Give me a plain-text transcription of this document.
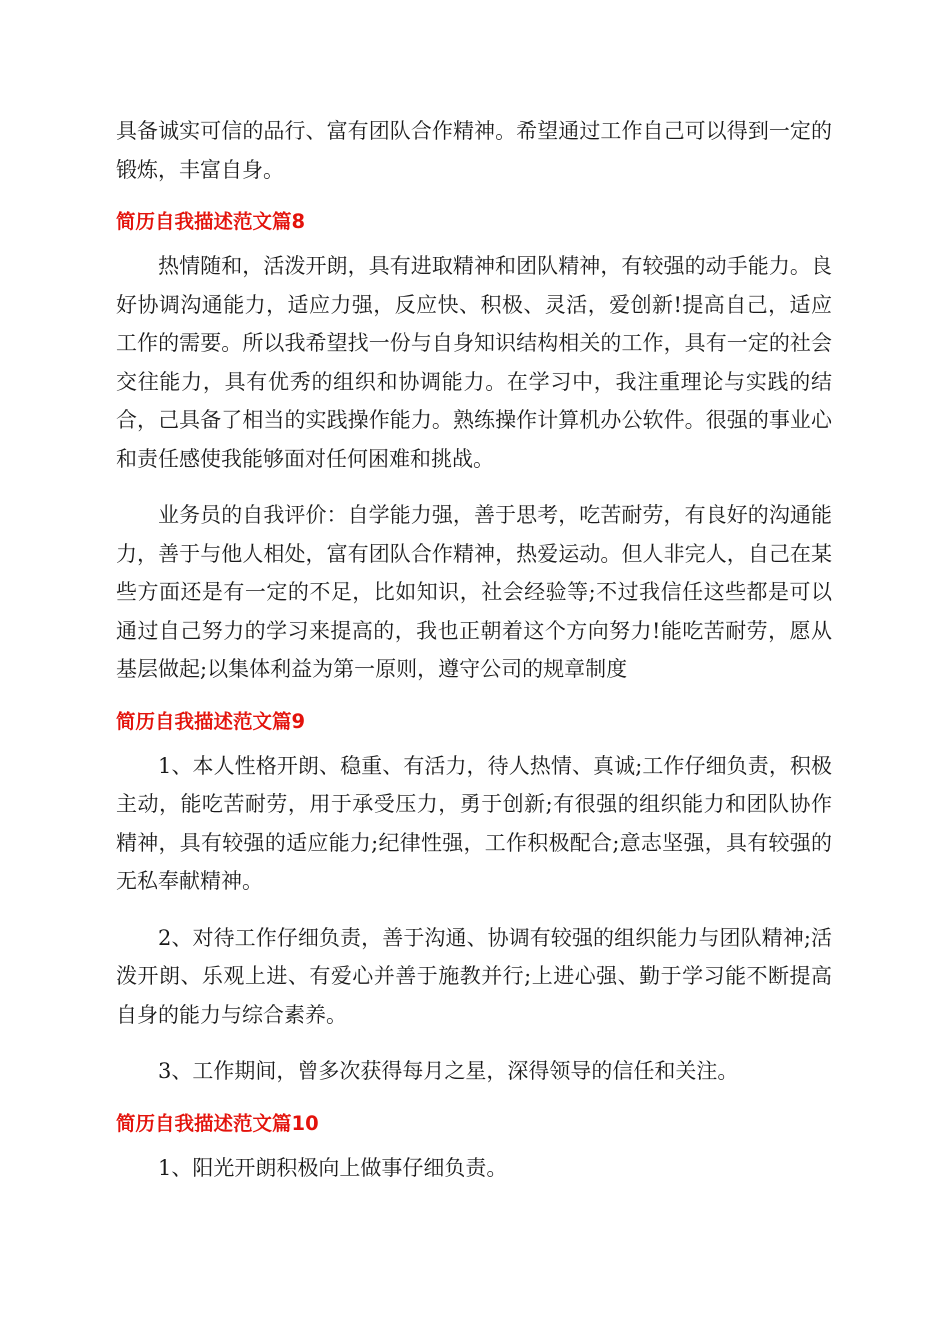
具备诚实可信的品行、富有团队合作精神。希望通过工作自己可以得到一定的锻炼，丰富自身。

简历自我描述范文篇8

热情随和，活泼开朗，具有进取精神和团队精神，有较强的动手能力。良好协调沟通能力，适应力强，反应快、积极、灵活，爱创新!提高自己，适应工作的需要。所以我希望找一份与自身知识结构相关的工作，具有一定的社会交往能力，具有优秀的组织和协调能力。在学习中，我注重理论与实践的结合，己具备了相当的实践操作能力。熟练操作计算机办公软件。很强的事业心和责任感使我能够面对任何困难和挑战。

业务员的自我评价：自学能力强，善于思考，吃苦耐劳，有良好的沟通能力，善于与他人相处，富有团队合作精神，热爱运动。但人非完人，自己在某些方面还是有一定的不足，比如知识，社会经验等;不过我信任这些都是可以通过自己努力的学习来提高的，我也正朝着这个方向努力!能吃苦耐劳，愿从基层做起;以集体利益为第一原则，遵守公司的规章制度

简历自我描述范文篇9

1、本人性格开朗、稳重、有活力，待人热情、真诚;工作仔细负责，积极主动，能吃苦耐劳，用于承受压力，勇于创新;有很强的组织能力和团队协作精神，具有较强的适应能力;纪律性强，工作积极配合;意志坚强，具有较强的无私奉献精神。

2、对待工作仔细负责，善于沟通、协调有较强的组织能力与团队精神;活泼开朗、乐观上进、有爱心并善于施教并行;上进心强、勤于学习能不断提高自身的能力与综合素养。

3、工作期间，曾多次获得每月之星，深得领导的信任和关注。

简历自我描述范文篇10

1、阳光开朗积极向上做事仔细负责。
